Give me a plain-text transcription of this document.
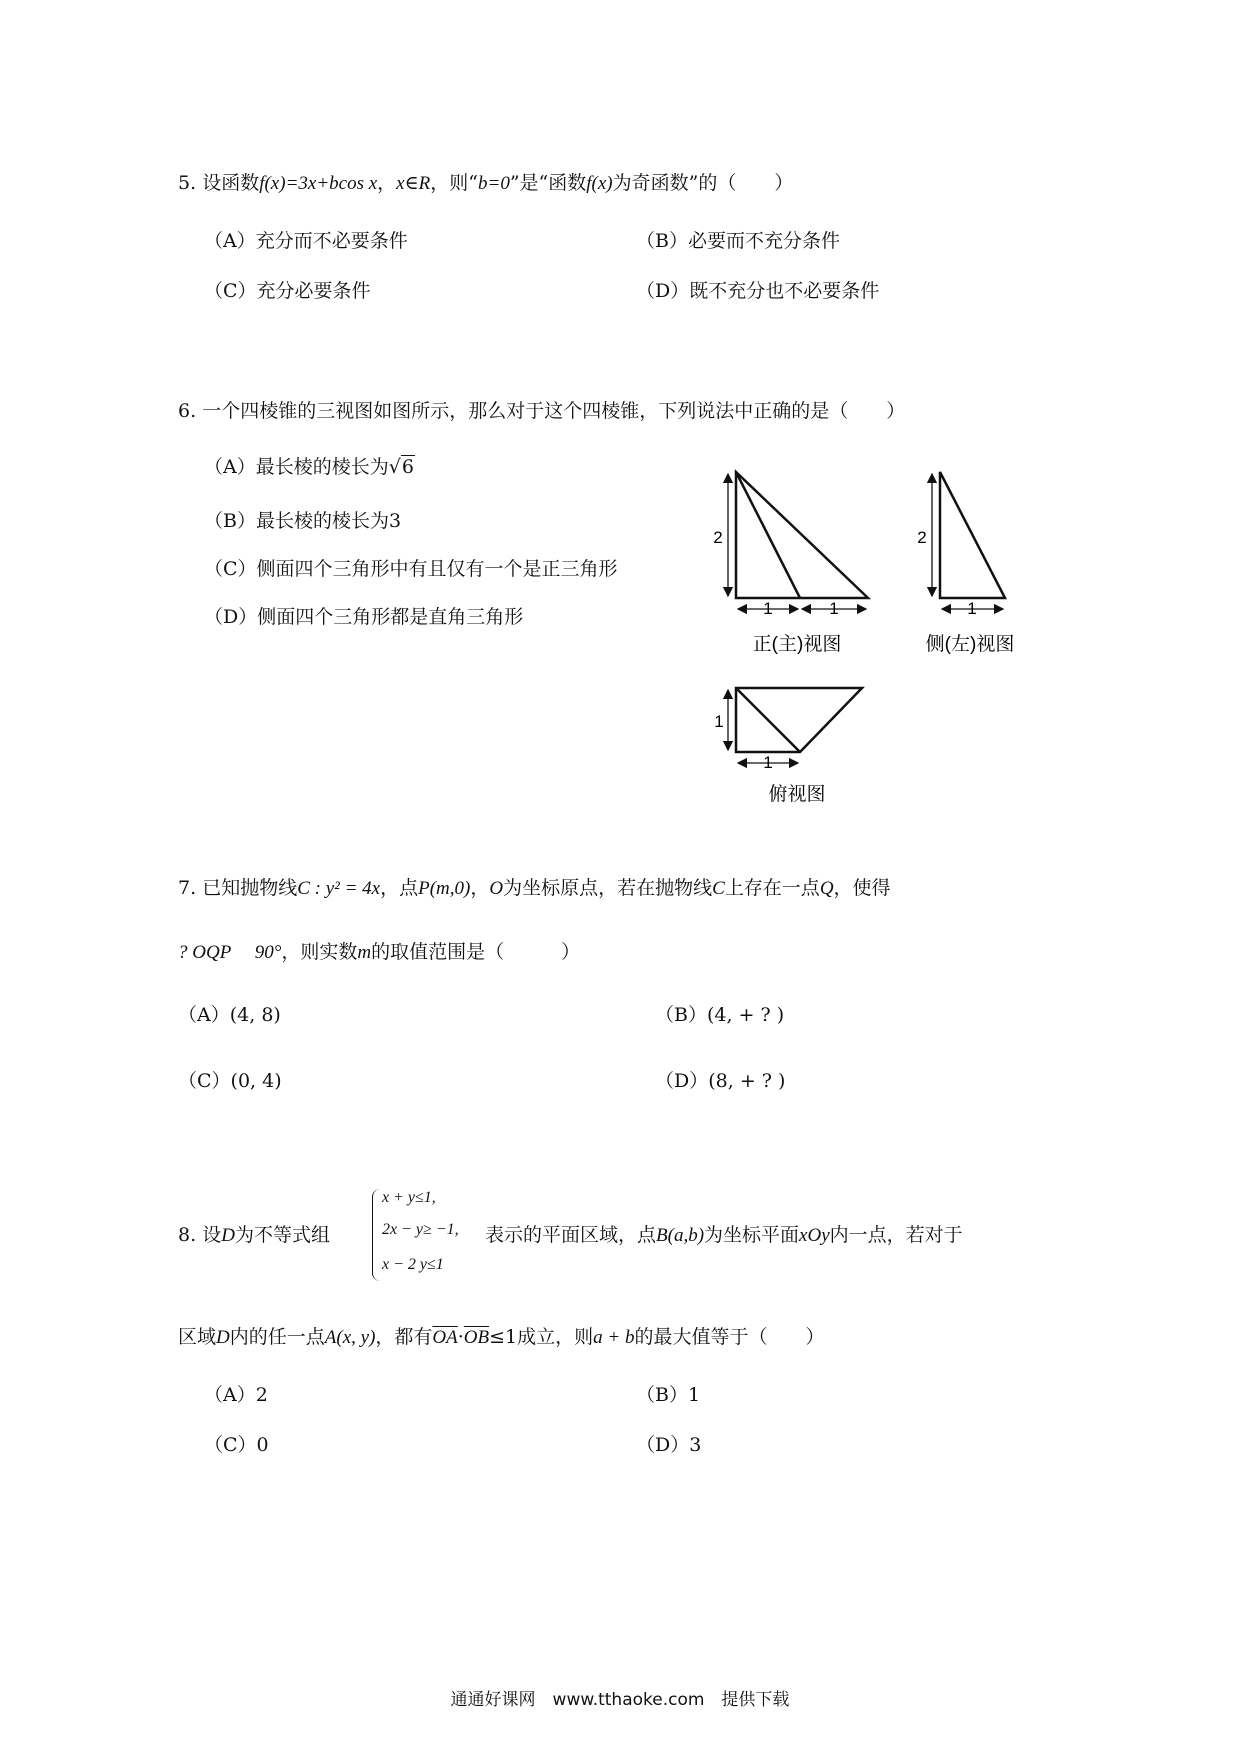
5. 设函数f(x)=3x+bcos x，x∈R，则“b=0”是“函数f(x)为奇函数”的（　　）
（A）充分而不必要条件	（B）必要而不充分条件
（C）充分必要条件	（D）既不充分也不必要条件
6. 一个四棱锥的三视图如图所示，那么对于这个四棱锥，下列说法中正确的是（　　）
（A）最长棱的棱长为√6
（B）最长棱的棱长为3
（C）侧面四个三角形中有且仅有一个是正三角形
（D）侧面四个三角形都是直角三角形
2
1	1
正(主)视图
2
1
侧(左)视图
1
1
俯视图
7. 已知抛物线C : y² = 4x，点P(m,0)，O为坐标原点，若在抛物线C上存在一点Q，使得
? OQP　 90°，则实数m的取值范围是（　　　）
（A）(4, 8)	（B）(4, + ? )
（C）(0, 4)	（D）(8, + ? )
8. 设D为不等式组
x + y≤1,
2x − y≥ −1,
x − 2 y≤1
表示的平面区域，点B(a,b)为坐标平面xOy内一点，若对于
区域D内的任一点A(x, y)，都有$\overline{OA}\cdot\overline{OB}\le 1$成立，则a + b的最大值等于（　　）
（A）2	（B）1
（C）0	（D）3
通通好课网　www.tthaoke.com　提供下载
